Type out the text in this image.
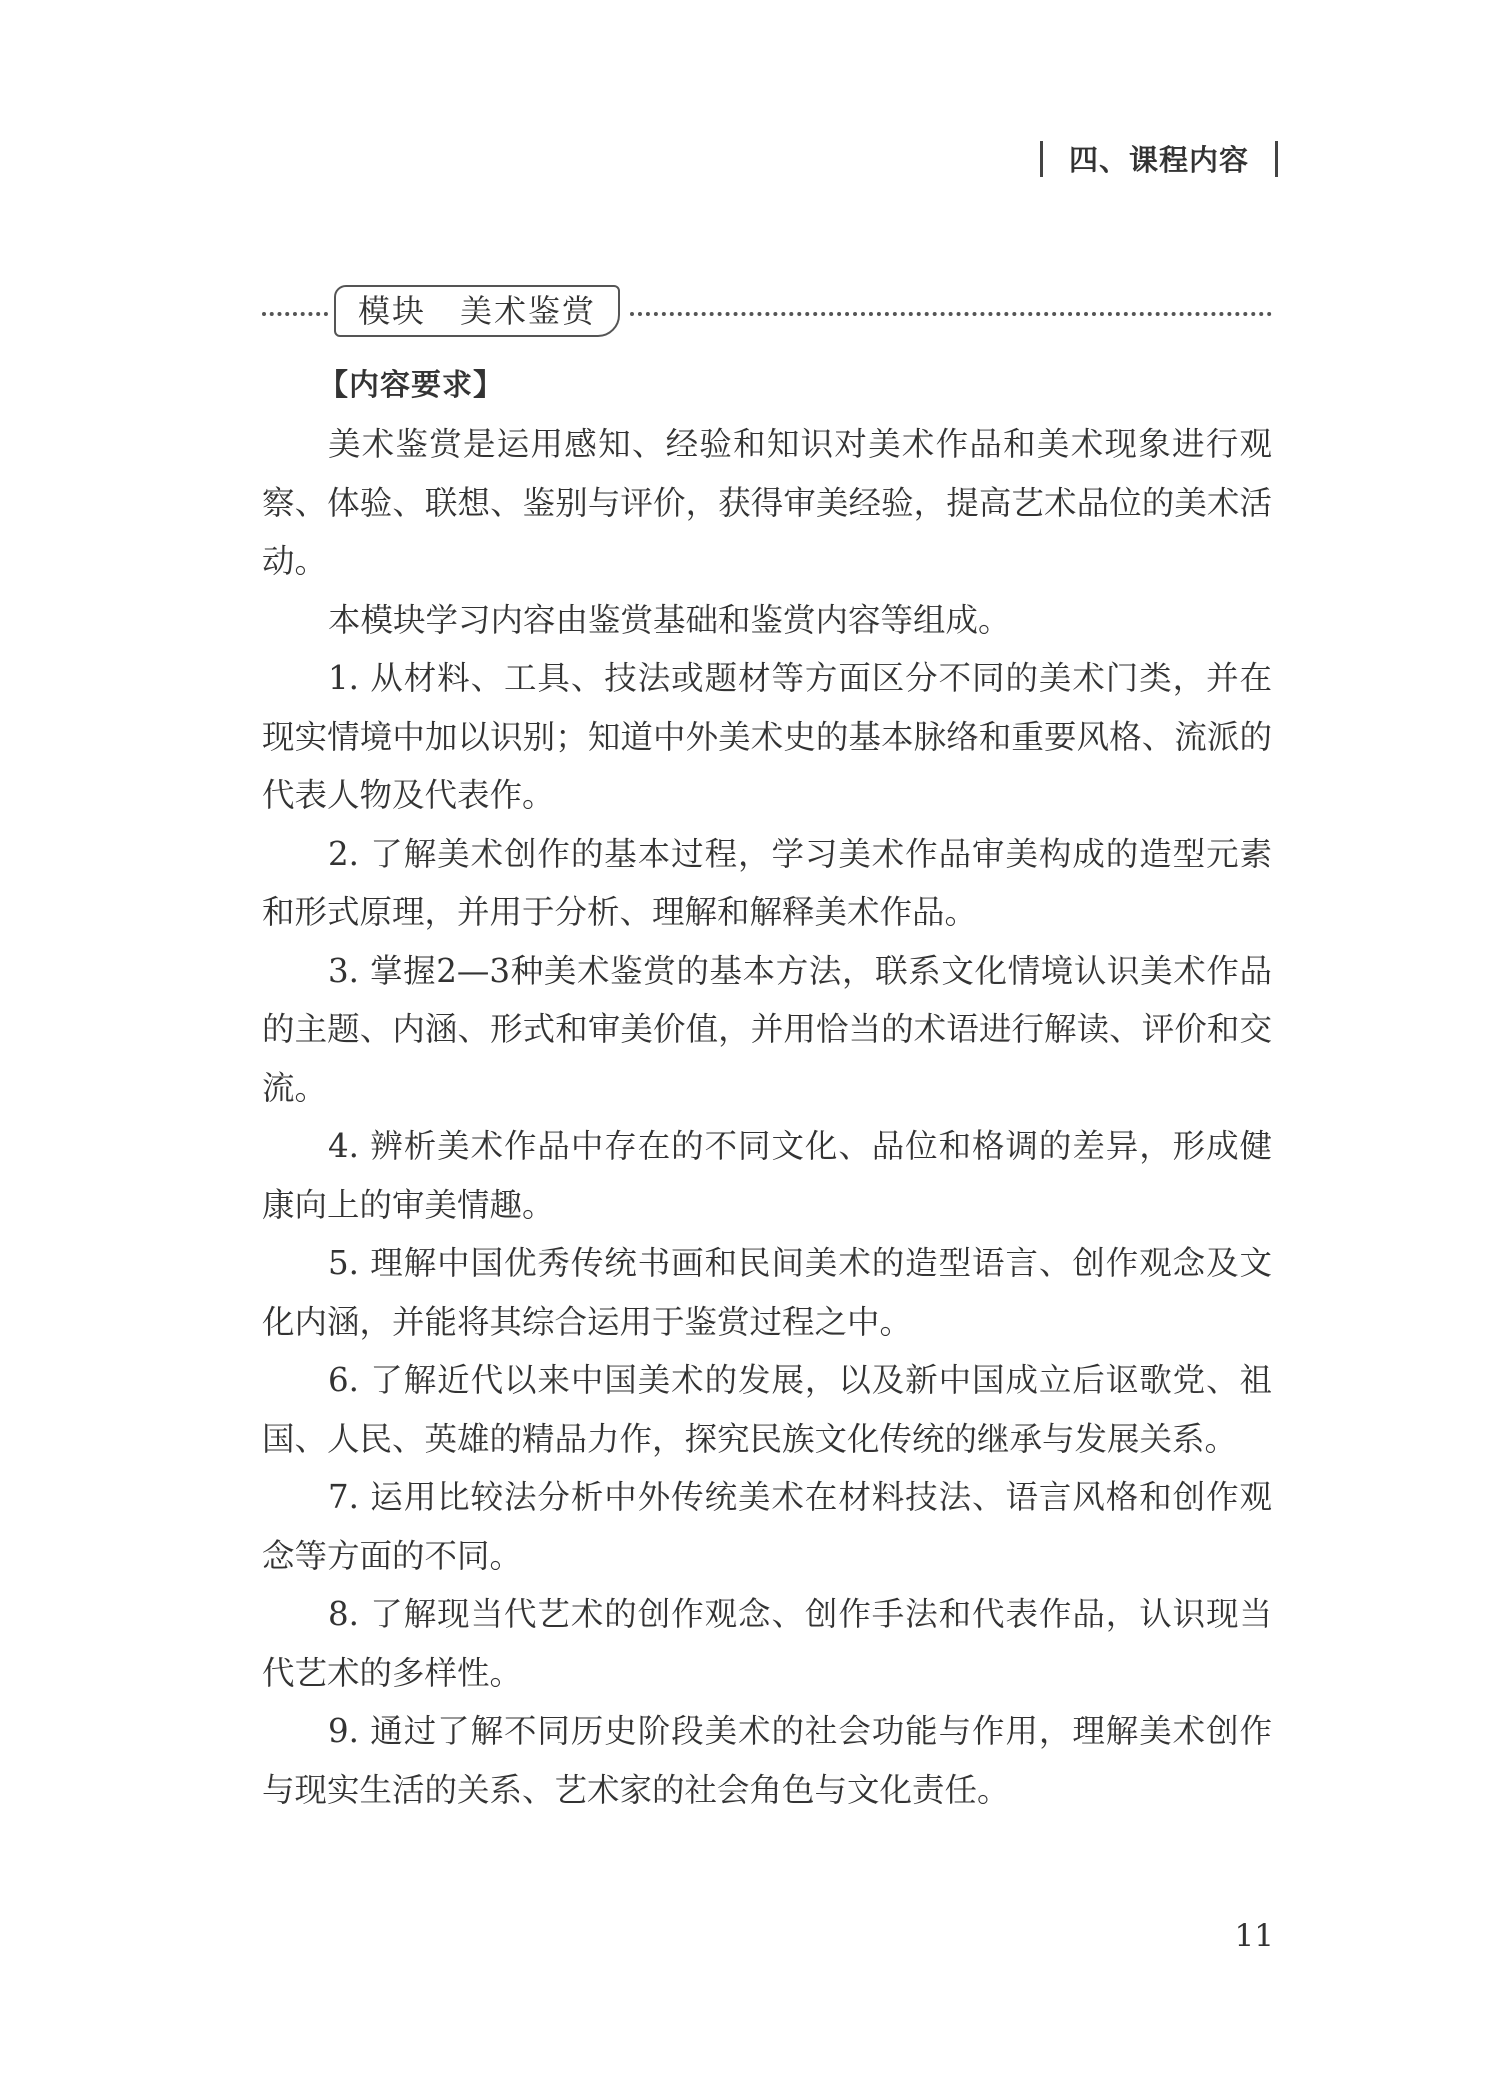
四、课程内容
模块　美术鉴赏
【内容要求】

美术鉴赏是运用感知、经验和知识对美术作品和美术现象进行观察、体验、联想、鉴别与评价，获得审美经验，提高艺术品位的美术活动。

本模块学习内容由鉴赏基础和鉴赏内容等组成。

1. 从材料、工具、技法或题材等方面区分不同的美术门类，并在现实情境中加以识别；知道中外美术史的基本脉络和重要风格、流派的代表人物及代表作。

2. 了解美术创作的基本过程，学习美术作品审美构成的造型元素和形式原理，并用于分析、理解和解释美术作品。

3. 掌握2—3种美术鉴赏的基本方法，联系文化情境认识美术作品的主题、内涵、形式和审美价值，并用恰当的术语进行解读、评价和交流。

4. 辨析美术作品中存在的不同文化、品位和格调的差异，形成健康向上的审美情趣。

5. 理解中国优秀传统书画和民间美术的造型语言、创作观念及文化内涵，并能将其综合运用于鉴赏过程之中。

6. 了解近代以来中国美术的发展，以及新中国成立后讴歌党、祖国、人民、英雄的精品力作，探究民族文化传统的继承与发展关系。

7. 运用比较法分析中外传统美术在材料技法、语言风格和创作观念等方面的不同。

8. 了解现当代艺术的创作观念、创作手法和代表作品，认识现当代艺术的多样性。

9. 通过了解不同历史阶段美术的社会功能与作用，理解美术创作与现实生活的关系、艺术家的社会角色与文化责任。

11
